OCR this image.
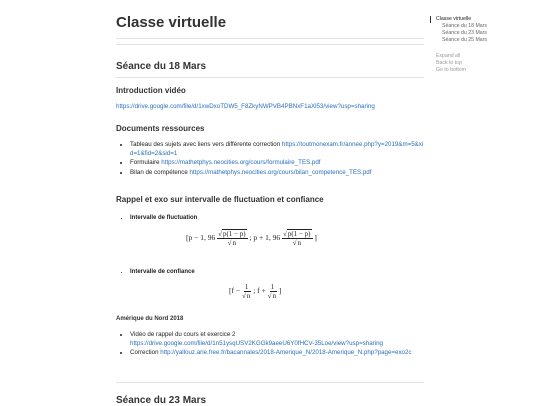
Classe virtuelle
Séance du 18 Mars
Introduction vidéo
https://drive.google.com/file/d/1xwDxoTDW5_F8ZkyNWPVB4PBNxF1aXl53/view?usp=sharing
Documents ressources
• Tableau des sujets avec liens vers différente correction https://toutmonexam.fr/annee.php?y=2019&m=5&xid=1&fid=2&sid=1
• Formulaire https://mathetphys.neocities.org/cours/formulaire_TES.pdf
• Bilan de compétence https://mathetphys.neocities.org/cours/bilan_competence_TES.pdf
Rappel et exo sur intervalle de fluctuation et confiance
• Intervalle de fluctuation
[p − 1, $96 \frac{√p(1 - p)}{√n}$ ; p + 1, $96 \frac{√p(1 - p)}{√n}$ ]
• Intervalle de confiance
[$f - \frac{1}{√n}$ ; $f + \frac{1}{√n}$ ]
Amérique du Nord 2018
• Vidéo de rappel du cours et exercice 2
https://drive.google.com/file/d/1n51ysqUSV2KGGk9aeeU6Y0fHCV-35Loe/view?usp=sharing
• Correction http://yallouz.arie.free.fr/bacannales/2018-Amerique_N/2018-Amerique_N.php?page=exo2c
Séance du 23 Mars
Classe virtuelle
Séance du 18 Mars
Séance du 23 Mars
Séance du 25 Mars
Expand all
Back to top
Go to bottom
